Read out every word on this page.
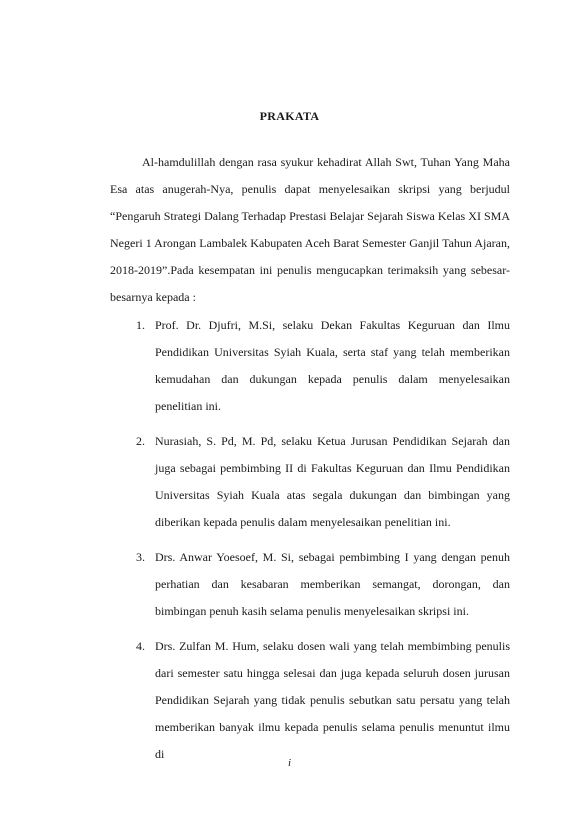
PRAKATA

Al-hamdulillah dengan rasa syukur kehadirat Allah Swt, Tuhan Yang Maha Esa atas anugerah-Nya, penulis dapat menyelesaikan skripsi yang berjudul “Pengaruh Strategi Dalang Terhadap Prestasi Belajar Sejarah Siswa Kelas XI SMA Negeri 1 Arongan Lambalek Kabupaten Aceh Barat Semester Ganjil Tahun Ajaran, 2018-2019”.Pada kesempatan ini penulis mengucapkan terimaksih yang sebesar-besarnya kepada :

1. Prof. Dr. Djufri, M.Si, selaku Dekan Fakultas Keguruan dan Ilmu Pendidikan Universitas Syiah Kuala, serta staf yang telah memberikan kemudahan dan dukungan kepada penulis dalam menyelesaikan penelitian ini.
2. Nurasiah, S. Pd, M. Pd, selaku Ketua Jurusan Pendidikan Sejarah dan juga sebagai pembimbing II di Fakultas Keguruan dan Ilmu Pendidikan Universitas Syiah Kuala atas segala dukungan dan bimbingan yang diberikan kepada penulis dalam menyelesaikan penelitian ini.
3. Drs. Anwar Yoesoef, M. Si, sebagai pembimbing I yang dengan penuh perhatian dan kesabaran memberikan semangat, dorongan, dan bimbingan penuh kasih selama penulis menyelesaikan skripsi ini.
4. Drs. Zulfan M. Hum, selaku dosen wali yang telah membimbing penulis dari semester satu hingga selesai dan juga kepada seluruh dosen jurusan Pendidikan Sejarah yang tidak penulis sebutkan satu persatu yang telah memberikan banyak ilmu kepada penulis selama penulis menuntut ilmu di
i
